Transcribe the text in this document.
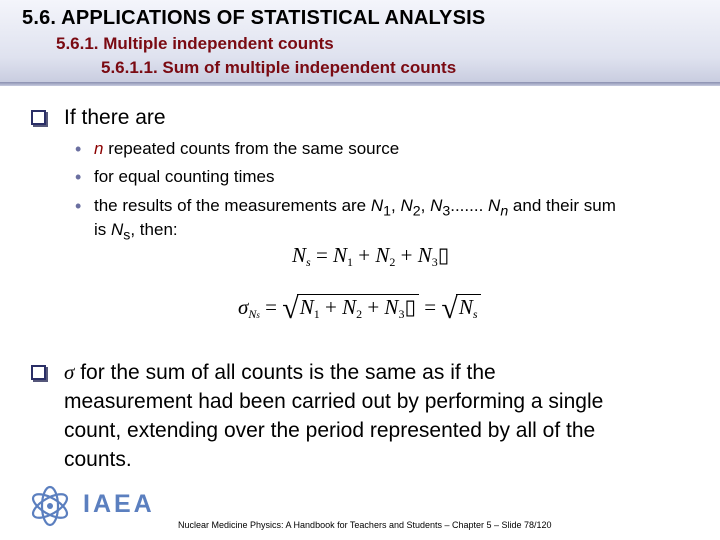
5.6. APPLICATIONS OF STATISTICAL ANALYSIS
5.6.1. Multiple independent counts
5.6.1.1. Sum of multiple independent counts
If there are
• n repeated counts from the same source
• for equal counting times
• the results of the measurements are $N_1$, $N_2$, $N_3$....... $N_n$ and their sum
is $N_s$, then:
Ns = N1 + N2 + N3▯
σNs = √N1 + N2 + N3▯ = √Ns
σ for the sum of all counts is the same as if the
measurement had been carried out by performing a single
count, extending over the period represented by all of the
counts.
IAEA
Nuclear Medicine Physics: A Handbook for Teachers and Students – Chapter 5 – Slide 78/120
